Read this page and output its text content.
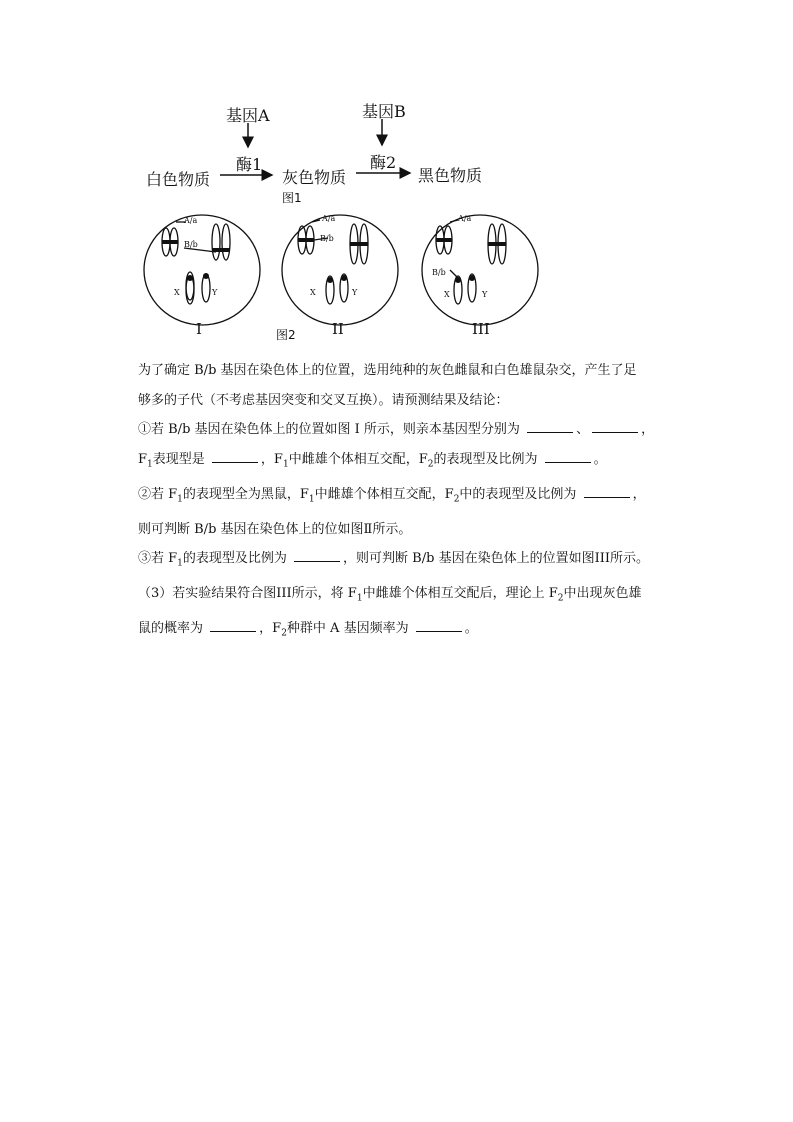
基因A	基因B
酶1	酶2
白色物质	灰色物质	黑色物质
图1
A/a
B/b
X	Y
A/a
B/b
X	Y
A/a
B/b
X	Y
I	II	III
图2

为了确定 B/b 基因在染色体上的位置，选用纯种的灰色雌鼠和白色雄鼠杂交，产生了足

够多的子代（不考虑基因突变和交叉互换）。请预测结果及结论：

①若 B/b 基因在染色体上的位置如图 I 所示，则亲本基因型分别为	、	，

$F_1$表现型是	，$F_1$中雌雄个体相互交配，$F_2$的表现型及比例为	。

②若 $F_1$的表现型全为黑鼠，$F_1$中雌雄个体相互交配，$F_2$中的表现型及比例为	，

则可判断 B/b 基因在染色体上的位如图Ⅱ所示。

③若 $F_1$的表现型及比例为	，则可判断 B/b 基因在染色体上的位置如图III所示。

（3）若实验结果符合图III所示，将 $F_1$中雌雄个体相互交配后，理论上 $F_2$中出现灰色雄

鼠的概率为	，$F_2$种群中 A 基因频率为	。
